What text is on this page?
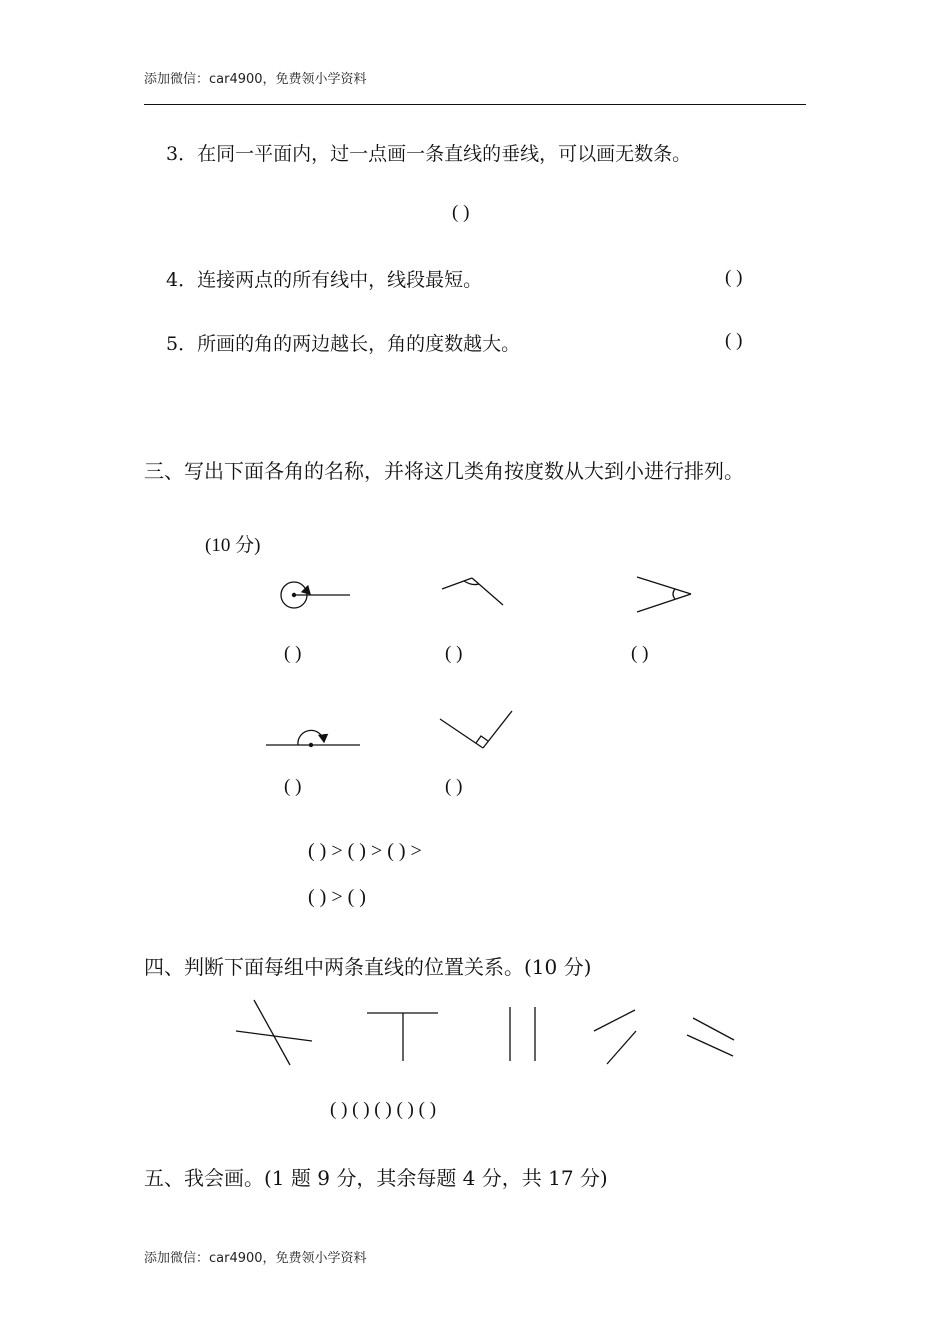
添加微信：car4900，免费领小学资料
3．在同一平面内，过一点画一条直线的垂线，可以画无数条。
( )
4．连接两点的所有线中，线段最短。	( )
5．所画的角的两边越长，角的度数越大。	( )
三、写出下面各角的名称，并将这几类角按度数从大到小进行排列。
(10 分)
( )	( )	( )
( )	( )
( ) > ( ) > ( ) >
( ) > ( )
四、判断下面每组中两条直线的位置关系。(10 分)
( ) ( ) ( ) ( ) ( )
五、我会画。(1 题 9 分，其余每题 4 分，共 17 分)
添加微信：car4900，免费领小学资料
